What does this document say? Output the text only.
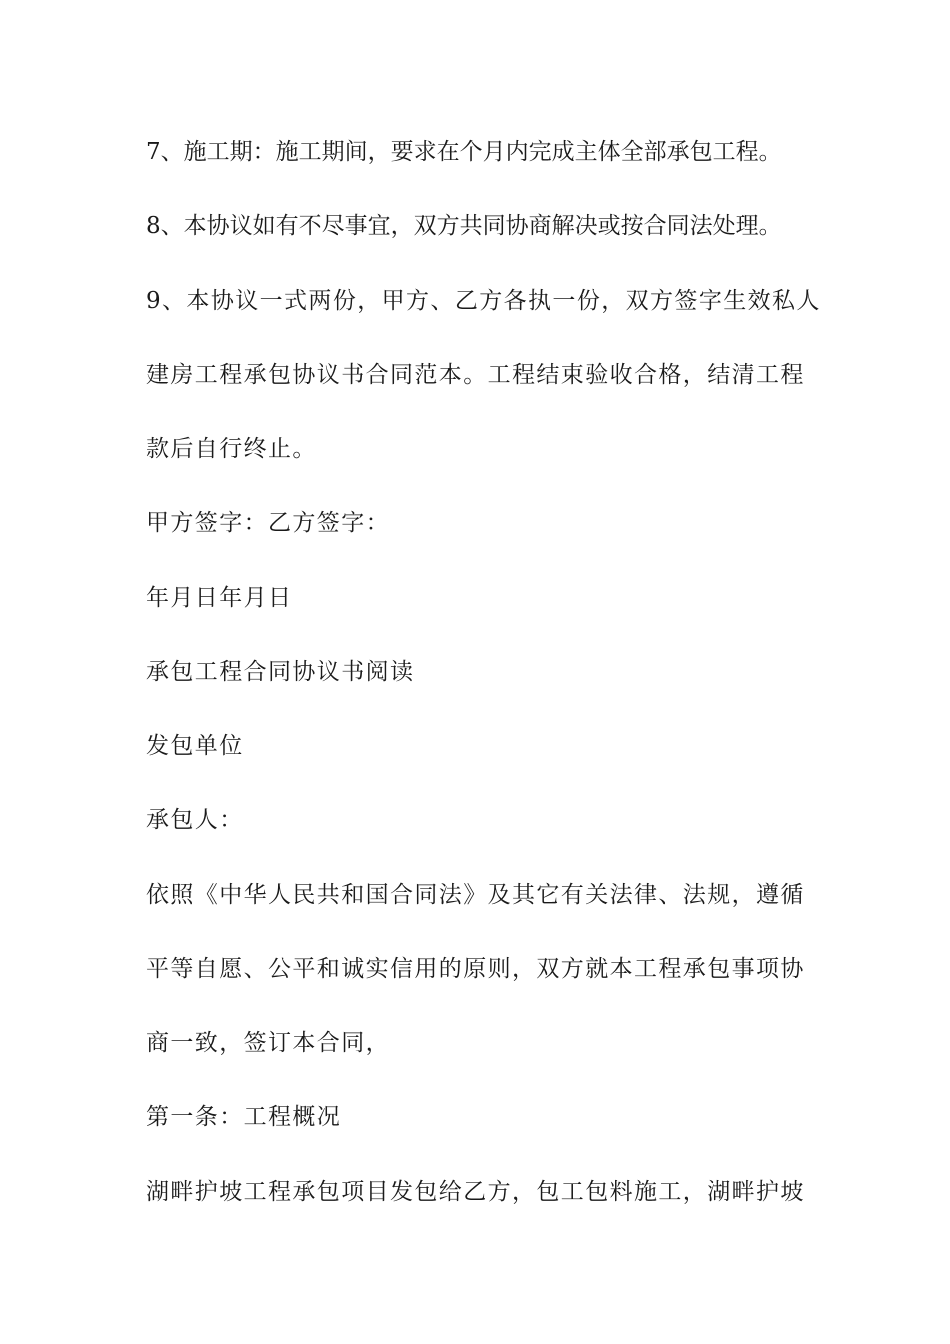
7、施工期：施工期间，要求在个月内完成主体全部承包工程。
8、本协议如有不尽事宜，双方共同协商解决或按合同法处理。
9、本协议一式两份，甲方、乙方各执一份，双方签字生效私人
建房工程承包协议书合同范本。工程结束验收合格，结清工程
款后自行终止。
甲方签字：乙方签字：
年月日年月日
承包工程合同协议书阅读
发包单位
承包人：
依照《中华人民共和国合同法》及其它有关法律、法规，遵循
平等自愿、公平和诚实信用的原则，双方就本工程承包事项协
商一致，签订本合同，
第一条：工程概况
湖畔护坡工程承包项目发包给乙方，包工包料施工，湖畔护坡
